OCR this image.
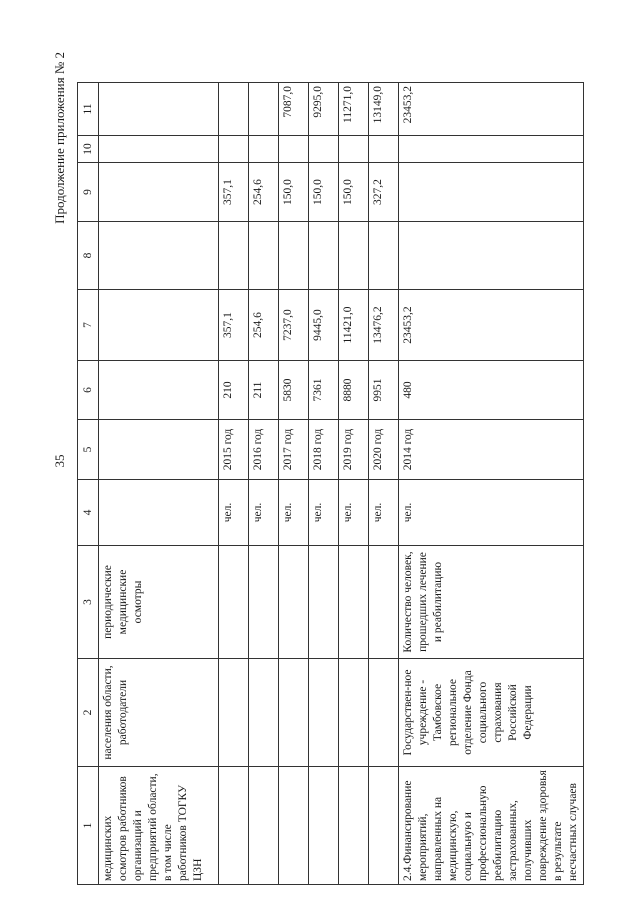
35
Продолжение приложения № 2
1	2	3	4	5	6	7	8	9	10	11
медицинских осмотров работников организаций и предприятий области, в том числе работников ТОГКУ ЦЗН	населения области, работодатели	периодические медицинские осмотры								
			чел.	2015 год	210	357,1		357,1		
			чел.	2016 год	211	254,6		254,6		
			чел.	2017 год	5830	7237,0		150,0		7087,0
			чел.	2018 год	7361	9445,0		150,0		9295,0
			чел.	2019 год	8880	11421,0		150,0		11271,0
			чел.	2020 год	9951	13476,2		327,2		13149,0
2.4.Финансирование мероприятий, направленных на медицинскую, социальную и профессиональную реабилитацию застрахованных, получивших повреждение здоровья в результате несчастных случаев	Государствен-ное учреждение - Тамбовское региональное отделение Фонда социального страхования Российской Федерации	Количество человек, прошедших лечение и реабилитацию	чел.	2014 год	480	23453,2				23453,2
